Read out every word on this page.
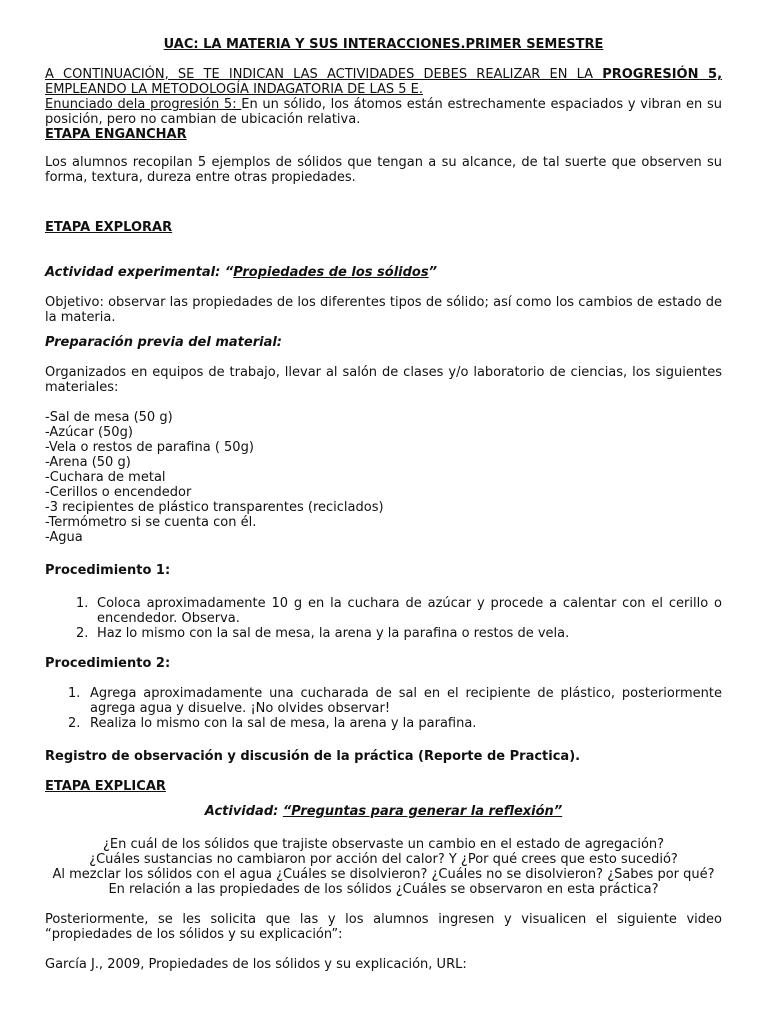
UAC: LA MATERIA Y SUS INTERACCIONES.PRIMER SEMESTRE

A CONTINUACIÓN, SE TE INDICAN LAS ACTIVIDADES DEBES REALIZAR EN LA PROGRESIÓN 5, EMPLEANDO LA METODOLOGÍA INDAGATORIA DE LAS 5 E.

Enunciado dela progresión 5: En un sólido, los átomos están estrechamente espaciados y vibran en su posición, pero no cambian de ubicación relativa.

ETAPA ENGANCHAR

Los alumnos recopilan 5 ejemplos de sólidos que tengan a su alcance, de tal suerte que observen su forma, textura, dureza entre otras propiedades.

ETAPA EXPLORAR

Actividad experimental: “Propiedades de los sólidos”

Objetivo: observar las propiedades de los diferentes tipos de sólido; así como los cambios de estado de la materia.

Preparación previa del material:

Organizados en equipos de trabajo, llevar al salón de clases y/o laboratorio de ciencias, los siguientes materiales:

-Sal de mesa (50 g)
-Azúcar (50g)
-Vela o restos de parafina ( 50g)
-Arena (50 g)
-Cuchara de metal
-Cerillos o encendedor
-3 recipientes de plástico transparentes (reciclados)
-Termómetro si se cuenta con él.
-Agua

Procedimiento 1:

1. Coloca aproximadamente 10 g en la cuchara de azúcar y procede a calentar con el cerillo o encendedor. Observa.
2. Haz lo mismo con la sal de mesa, la arena y la parafina o restos de vela.

Procedimiento 2:

1. Agrega aproximadamente una cucharada de sal en el recipiente de plástico, posteriormente agrega agua y disuelve. ¡No olvides observar!
2. Realiza lo mismo con la sal de mesa, la arena y la parafina.

Registro de observación y discusión de la práctica (Reporte de Practica).

ETAPA EXPLICAR

Actividad: “Preguntas para generar la reflexión”

¿En cuál de los sólidos que trajiste observaste un cambio en el estado de agregación?
¿Cuáles sustancias no cambiaron por acción del calor? Y ¿Por qué crees que esto sucedió?
Al mezclar los sólidos con el agua ¿Cuáles se disolvieron? ¿Cuáles no se disolvieron? ¿Sabes por qué?
En relación a las propiedades de los sólidos ¿Cuáles se observaron en esta práctica?

Posteriormente, se les solicita que las y los alumnos ingresen y visualicen el siguiente video “propiedades de los sólidos y su explicación”:

García J., 2009, Propiedades de los sólidos y su explicación, URL:
